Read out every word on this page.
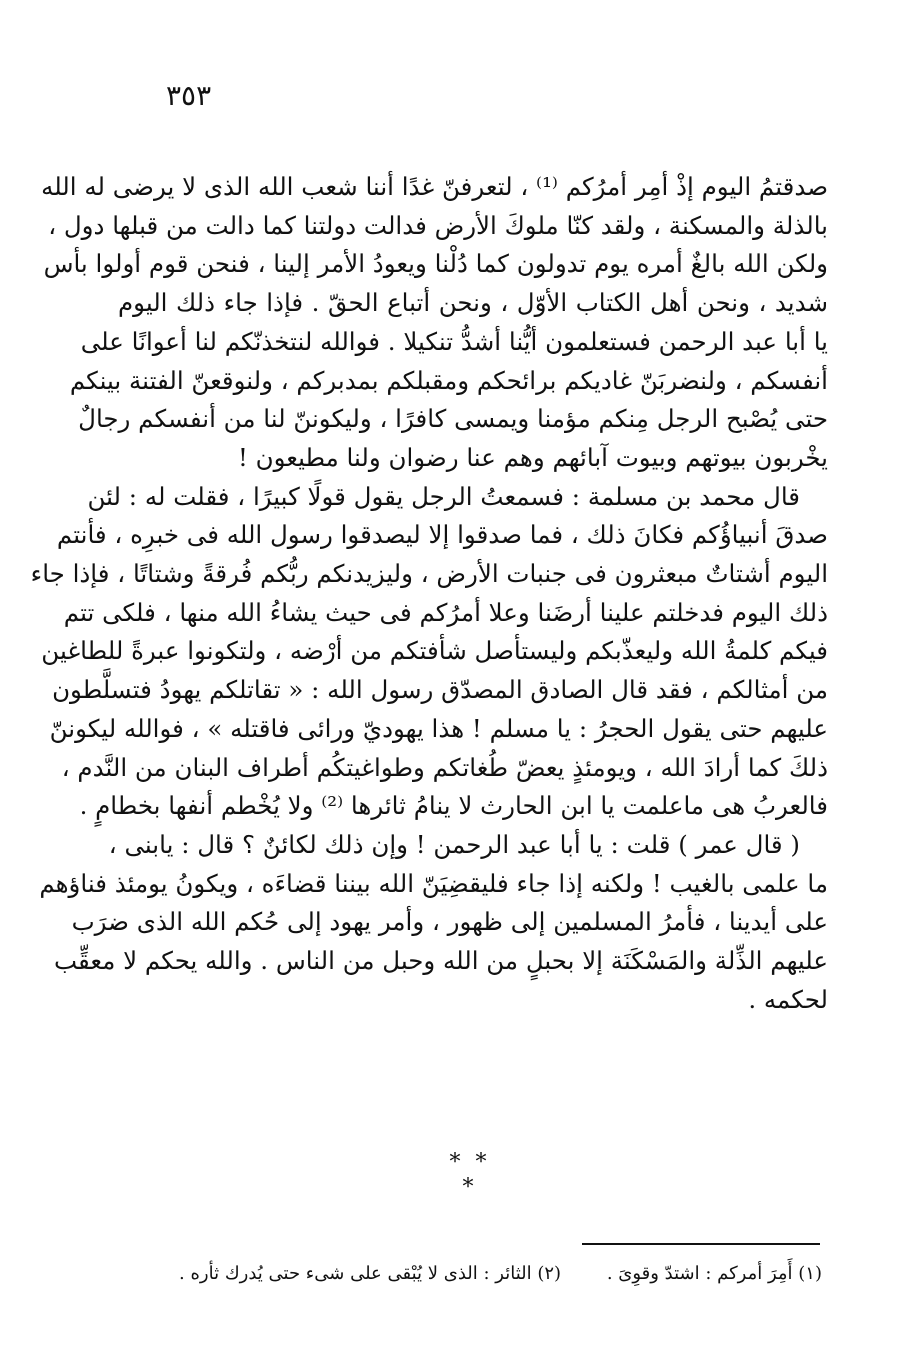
٣٥٣
صدقتمُ اليوم إذْ أمِر أمرُكم ⁽¹⁾ ، لتعرفنّ غدًا أننا شعب الله الذى لا يرضى له الله
بالذلة والمسكنة ، ولقد كنّا ملوكَ الأرض فدالت دولتنا كما دالت من قبلها دول ،
ولكن الله بالغٌ أمره يوم تدولون كما دُلْنا ويعودُ الأمر إلينا ، فنحن قوم أولوا بأس
شديد ، ونحن أهل الكتاب الأوّل ، ونحن أتباع الحقّ . فإذا جاء ذلك اليوم
يا أبا عبد الرحمن فستعلمون أيُّنا أشدُّ تنكيلا . فوالله لنتخذنّكم لنا أعوانًا على
أنفسكم ، ولنضربَنّ غاديكم برائحكم ومقبلكم بمدبركم ، ولنوقعنّ الفتنة بينكم
حتى يُصْبح الرجل مِنكم مؤمنا ويمسى كافرًا ، وليكوننّ لنا من أنفسكم رجالٌ
يخْربون بيوتهم وبيوت آبائهم وهم عنا رضوان ولنا مطيعون !
قال محمد بن مسلمة : فسمعتُ الرجل يقول قولًا كبيرًا ، فقلت له : لئن
صدقَ أنبياؤُكم فكانَ ذلك ، فما صدقوا إلا ليصدقوا رسول الله فى خبرِه ، فأنتم
اليوم أشتاتٌ مبعثرون فى جنبات الأرض ، وليزيدنكم ربُّكم فُرقةً وشتاتًا ، فإذا جاء
ذلك اليوم فدخلتم علينا أرضَنا وعلا أمرُكم فى حيث يشاءُ الله منها ، فلكى تتم
فيكم كلمةُ الله وليعذّبكم وليستأصل شأفتكم من أرْضه ، ولتكونوا عبرةً للطاغين
من أمثالكم ، فقد قال الصادق المصدّق رسول الله : « تقاتلكم يهودُ فتسلَّطون
عليهم حتى يقول الحجرُ : يا مسلم ! هذا يهوديّ ورائى فاقتله » ، فوالله ليكوننّ
ذلكَ كما أرادَ الله ، ويومئذٍ يعضّ طُغاتكم وطواغيتكُم أطراف البنان من النَّدم ،
فالعربُ هى ماعلمت يا ابن الحارث لا ينامُ ثائرها ⁽²⁾ ولا يُخْطم أنفها بخطامٍ .
( قال عمر ) قلت : يا أبا عبد الرحمن ! وإن ذلك لكائنٌ ؟ قال : يابنى ،
ما علمى بالغيب ! ولكنه إذا جاء فليقضِيَنّ الله بيننا قضاءَه ، ويكونُ يومئذ فناؤهم
على أيدينا ، فأمرُ المسلمين إلى ظهور ، وأمر يهود إلى حُكم الله الذى ضرَب
عليهم الذِّلة والمَسْكَنَة إلا بحبلٍ من الله وحبل من الناس . والله يحكم لا معقِّب
لحكمه .
* * *
(١) أَمِرَ أمركم : اشتدّ وقوِىَ . (٢) الثائر : الذى لا يُبْقى على شىء حتى يُدرك ثأره .
